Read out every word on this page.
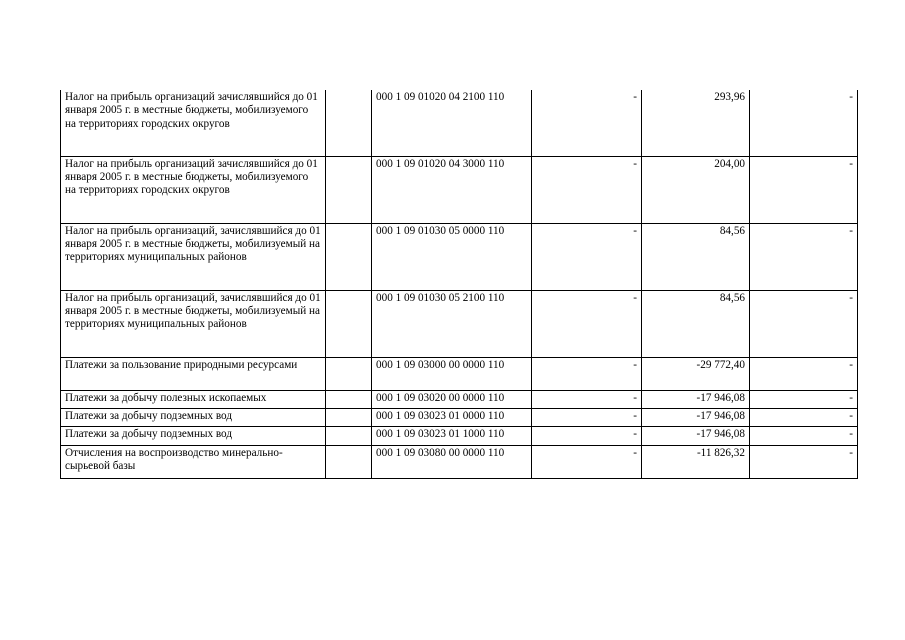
Налог на прибыль организаций зачислявшийся до 01 января 2005 г. в местные бюджеты, мобилизуемого на территориях городских округов		000 1 09 01020 04 2100 110	-	293,96	-
Налог на прибыль организаций зачислявшийся до 01 января 2005 г. в местные бюджеты, мобилизуемого на территориях городских округов		000 1 09 01020 04 3000 110	-	204,00	-
Налог на прибыль организаций, зачислявшийся до 01 января 2005 г. в местные бюджеты, мобилизуемый на территориях муниципальных районов		000 1 09 01030 05 0000 110	-	84,56	-
Налог на прибыль организаций, зачислявшийся до 01 января 2005 г. в местные бюджеты, мобилизуемый на территориях муниципальных районов		000 1 09 01030 05 2100 110	-	84,56	-
Платежи за пользование природными ресурсами		000 1 09 03000 00 0000 110	-	-29 772,40	-
Платежи за добычу полезных ископаемых		000 1 09 03020 00 0000 110	-	-17 946,08	-
Платежи за добычу подземных вод		000 1 09 03023 01 0000 110	-	-17 946,08	-
Платежи за добычу подземных вод		000 1 09 03023 01 1000 110	-	-17 946,08	-
Отчисления на воспроизводство минерально-сырьевой базы		000 1 09 03080 00 0000 110	-	-11 826,32	-
